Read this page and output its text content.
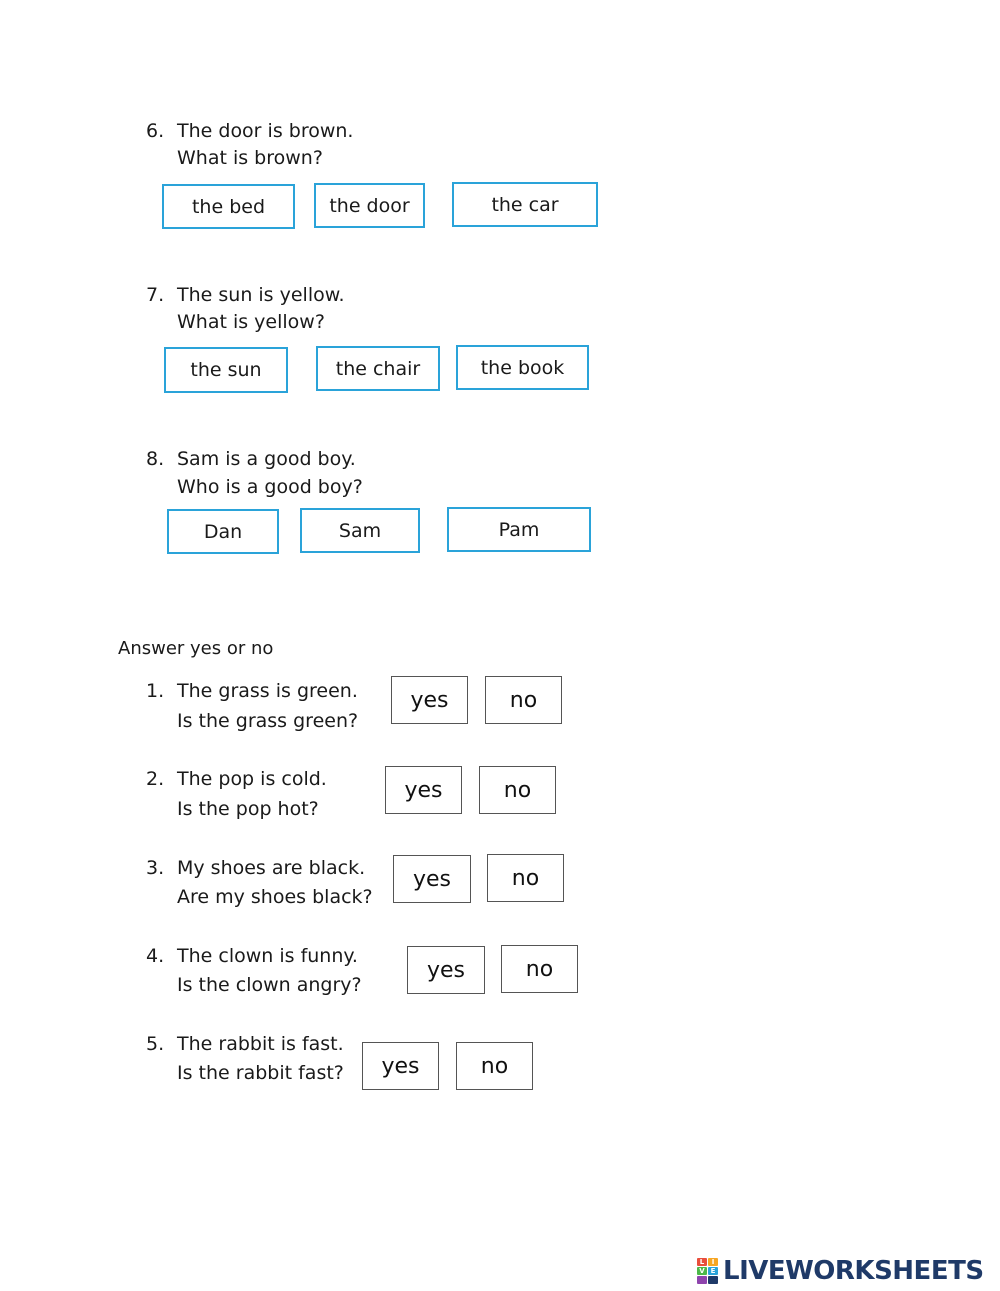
6. The door is brown.
What is brown?
the bed	the door	the car
7. The sun is yellow.
What is yellow?
the sun	the chair	the book
8. Sam is a good boy.
Who is a good boy?
Dan	Sam	Pam
Answer yes or no
1. The grass is green.
Is the grass green?
yes	no
2. The pop is cold.
Is the pop hot?
yes	no
3. My shoes are black.
Are my shoes black?
yes	no
4. The clown is funny.
Is the clown angry?
yes	no
5. The rabbit is fast.
Is the rabbit fast?	yes	no
L	I
V E LIVEWORKSHEETS
